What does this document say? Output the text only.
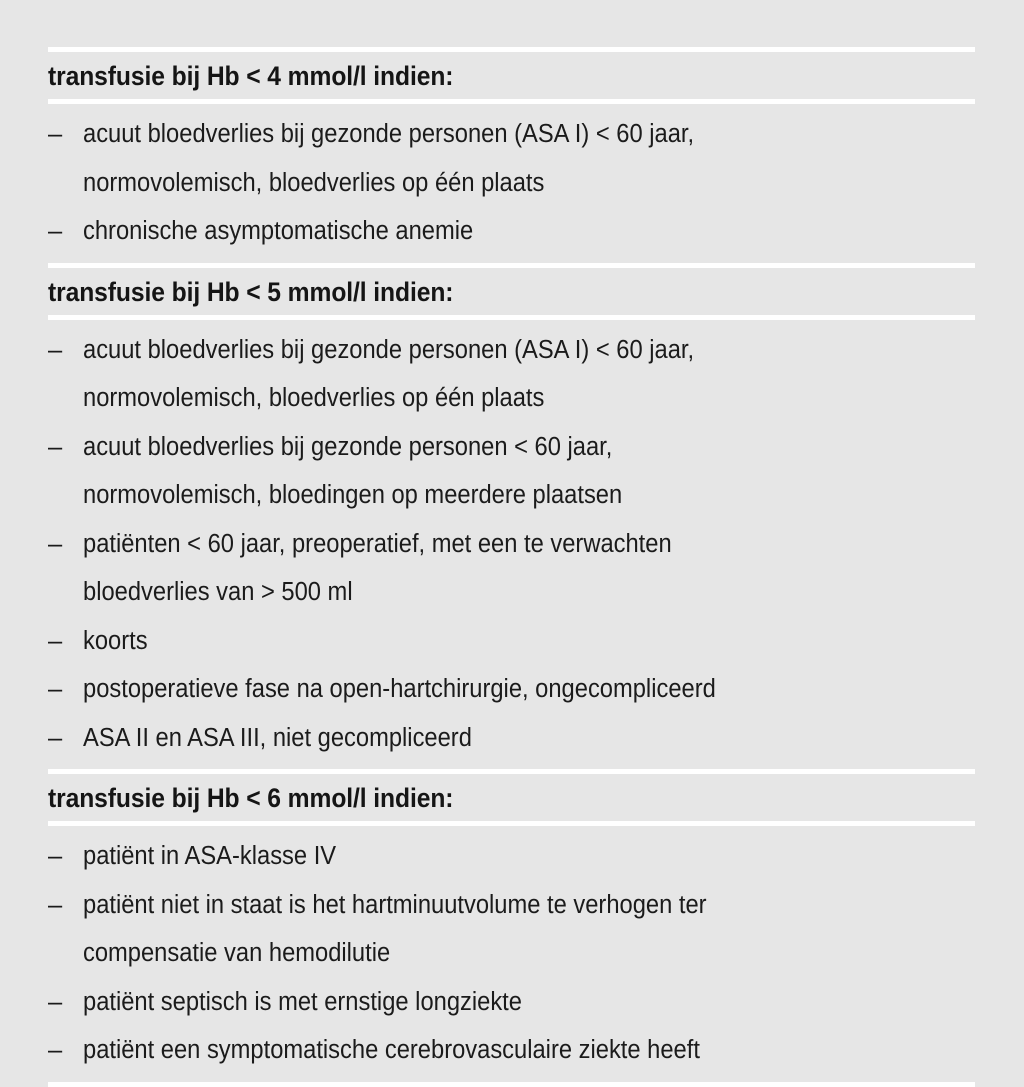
transfusie bij Hb < 4 mmol/l indien:
– acuut bloedverlies bij gezonde personen (ASA I) < 60 jaar,
normovolemisch, bloedverlies op één plaats
– chronische asymptomatische anemie
transfusie bij Hb < 5 mmol/l indien:
– acuut bloedverlies bij gezonde personen (ASA I) < 60 jaar,
normovolemisch, bloedverlies op één plaats
– acuut bloedverlies bij gezonde personen < 60 jaar,
normovolemisch, bloedingen op meerdere plaatsen
– patiënten < 60 jaar, preoperatief, met een te verwachten
bloedverlies van > 500 ml
– koorts
– postoperatieve fase na open-hartchirurgie, ongecompliceerd
– ASA II en ASA III, niet gecompliceerd
transfusie bij Hb < 6 mmol/l indien:
– patiënt in ASA-klasse IV
– patiënt niet in staat is het hartminuutvolume te verhogen ter
compensatie van hemodilutie
– patiënt septisch is met ernstige longziekte
– patiënt een symptomatische cerebrovasculaire ziekte heeft
